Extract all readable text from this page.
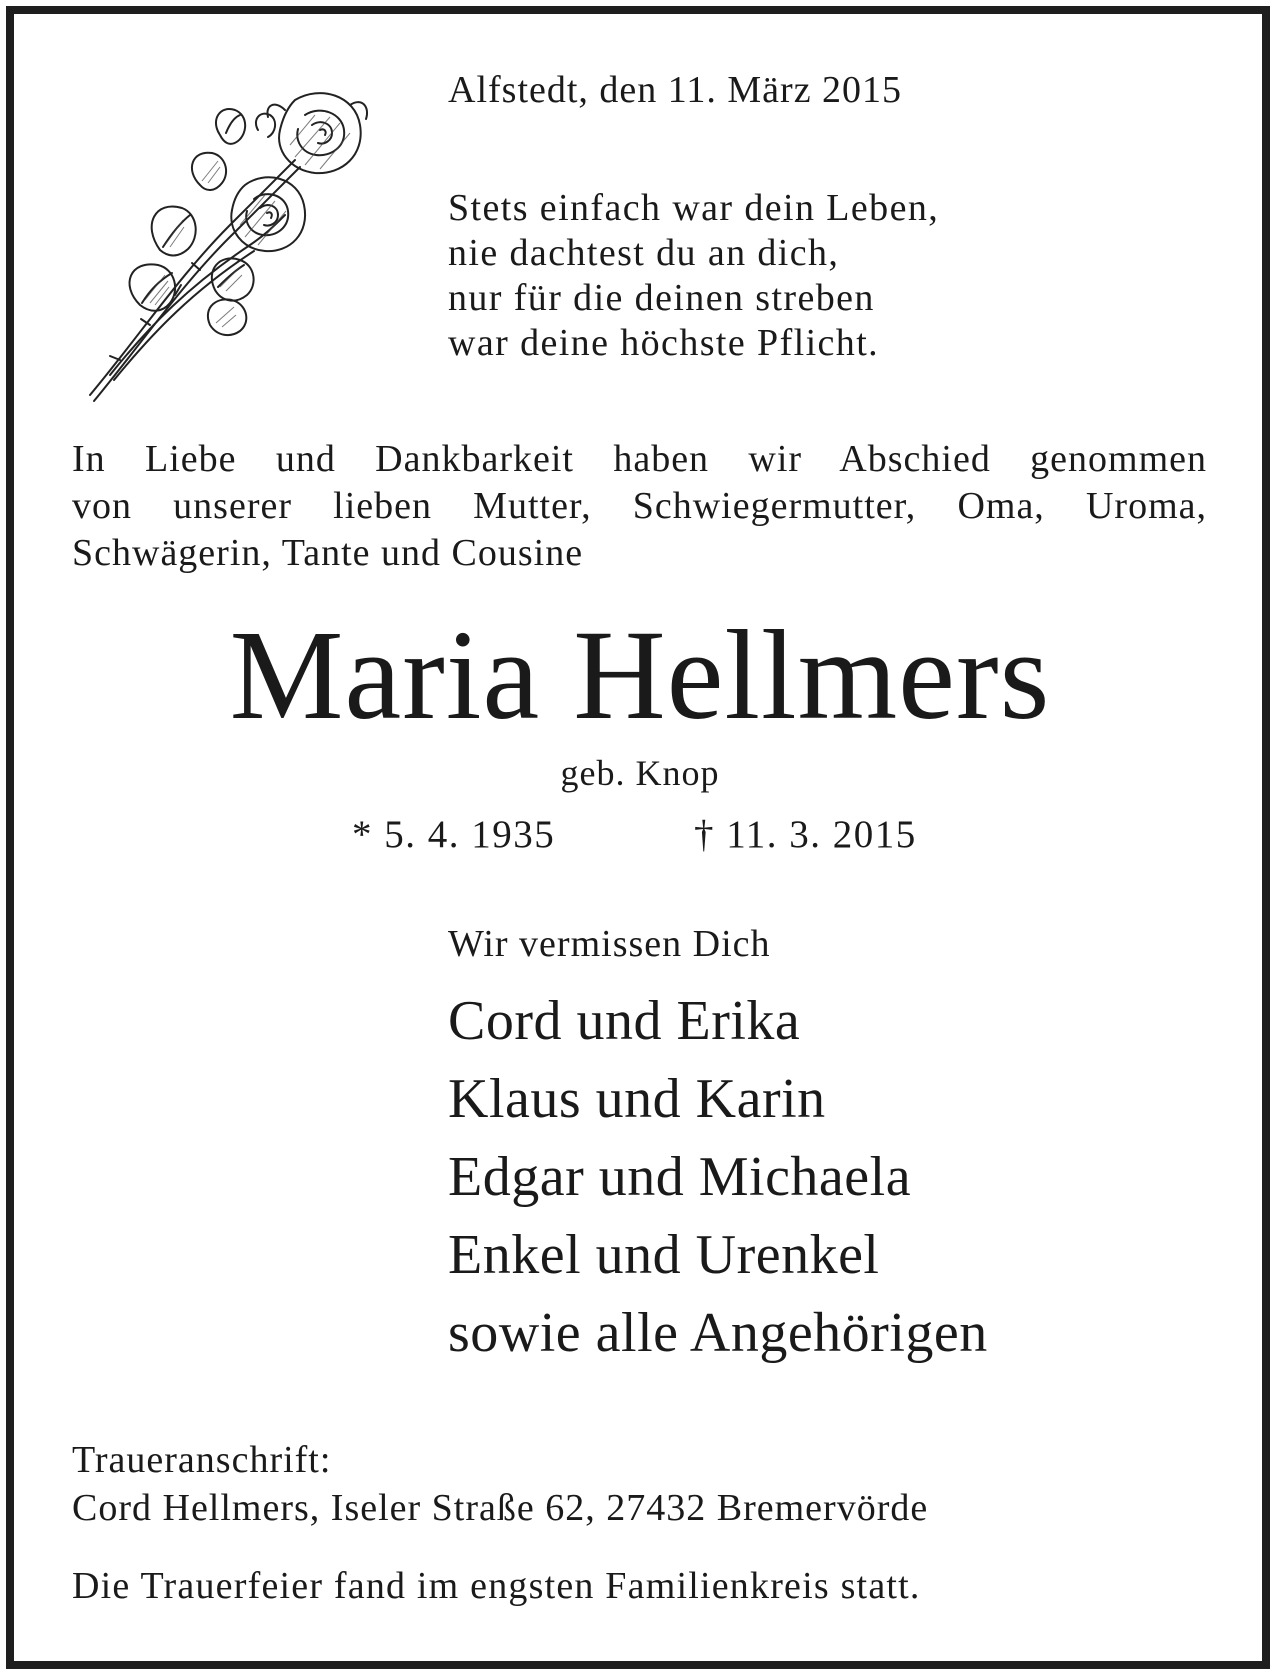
Alfstedt, den 11. März 2015

Stets einfach war dein Leben,
nie dachtest du an dich,
nur für die deinen streben
war deine höchste Pflicht.
In Liebe und Dankbarkeit haben wir Abschied genommen
von unserer lieben Mutter, Schwiegermutter, Oma, Uroma,
Schwägerin, Tante und Cousine
Maria Hellmers

geb. Knop

* 5. 4. 1935	† 11. 3. 2015

Wir vermissen Dich

Cord und Erika
Klaus und Karin
Edgar und Michaela
Enkel und Urenkel
sowie alle Angehörigen
Traueranschrift:
Cord Hellmers, Iseler Straße 62, 27432 Bremervörde

Die Trauerfeier fand im engsten Familienkreis statt.
